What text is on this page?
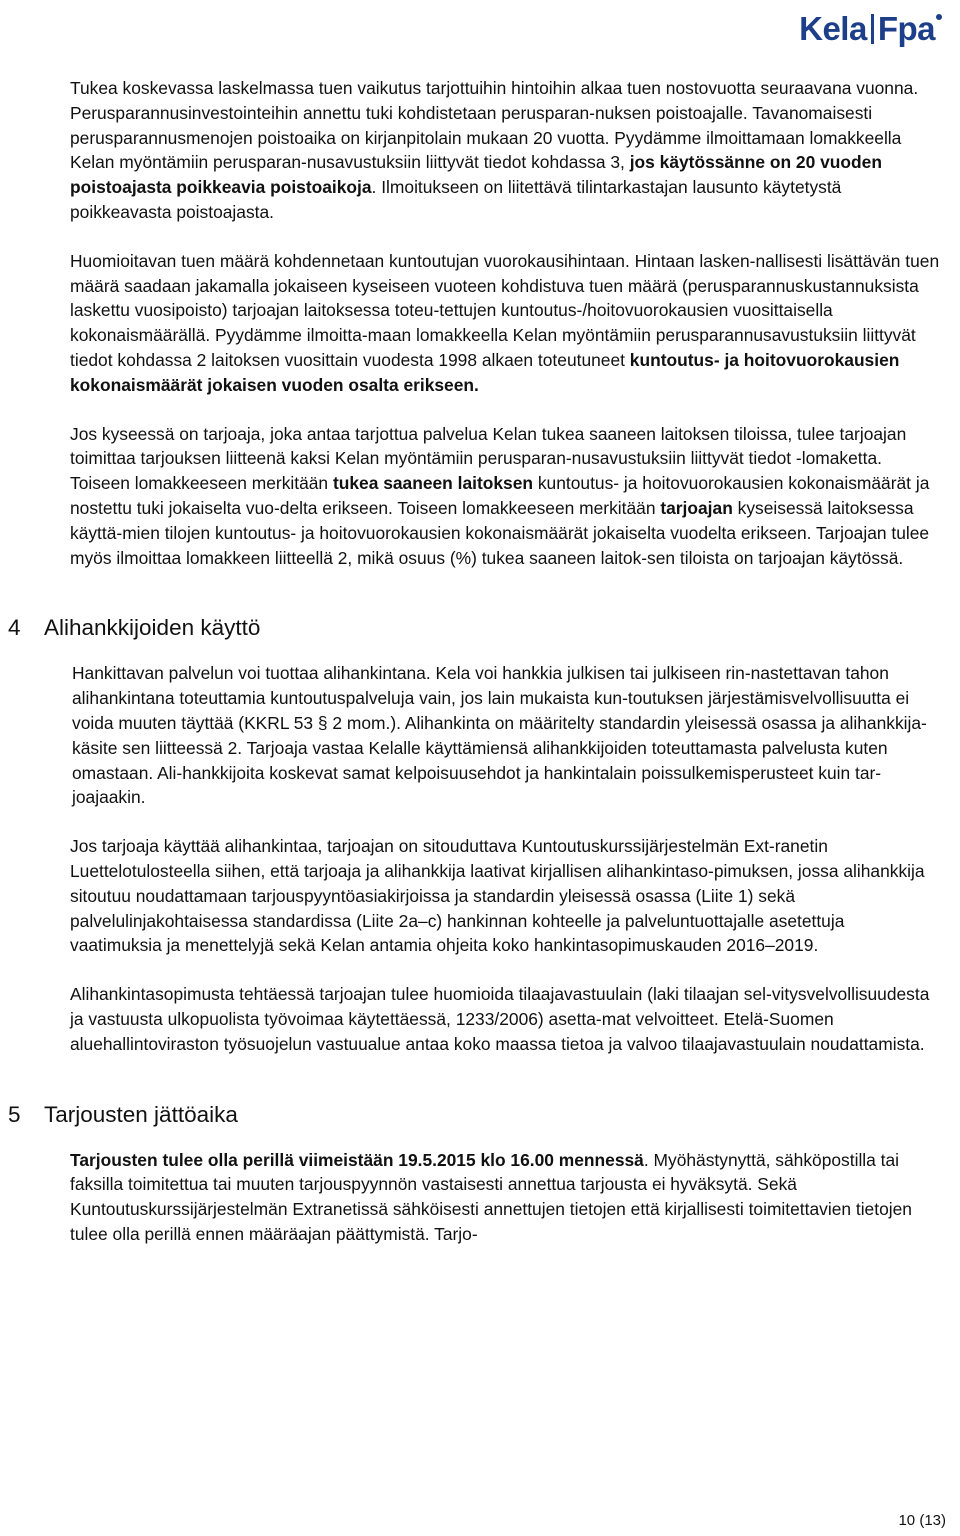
Kela Fpa

Tukea koskevassa laskelmassa tuen vaikutus tarjottuihin hintoihin alkaa tuen nostovuotta seuraavana vuonna. Perusparannusinvestointeihin annettu tuki kohdistetaan perusparan-nuksen poistoajalle. Tavanomaisesti perusparannusmenojen poistoaika on kirjanpitolain mukaan 20 vuotta. Pyydämme ilmoittamaan lomakkeella Kelan myöntämiin perusparan-nusavustuksiin liittyvät tiedot kohdassa 3, jos käytössänne on 20 vuoden poistoajasta poikkeavia poistoaikoja. Ilmoitukseen on liitettävä tilintarkastajan lausunto käytetystä poikkeavasta poistoajasta.

Huomioitavan tuen määrä kohdennetaan kuntoutujan vuorokausihintaan. Hintaan lasken-nallisesti lisättävän tuen määrä saadaan jakamalla jokaiseen kyseiseen vuoteen kohdistuva tuen määrä (perusparannuskustannuksista laskettu vuosipoisto) tarjoajan laitoksessa toteu-tettujen kuntoutus-/hoitovuorokausien vuosittaisella kokonaismäärällä. Pyydämme ilmoitta-maan lomakkeella Kelan myöntämiin perusparannusavustuksiin liittyvät tiedot kohdassa 2 laitoksen vuosittain vuodesta 1998 alkaen toteutuneet kuntoutus- ja hoitovuorokausien kokonaismäärät jokaisen vuoden osalta erikseen.

Jos kyseessä on tarjoaja, joka antaa tarjottua palvelua Kelan tukea saaneen laitoksen tiloissa, tulee tarjoajan toimittaa tarjouksen liitteenä kaksi Kelan myöntämiin perusparan-nusavustuksiin liittyvät tiedot -lomaketta. Toiseen lomakkeeseen merkitään tukea saaneen laitoksen kuntoutus- ja hoitovuorokausien kokonaismäärät ja nostettu tuki jokaiselta vuo-delta erikseen. Toiseen lomakkeeseen merkitään tarjoajan kyseisessä laitoksessa käyttä-mien tilojen kuntoutus- ja hoitovuorokausien kokonaismäärät jokaiselta vuodelta erikseen. Tarjoajan tulee myös ilmoittaa lomakkeen liitteellä 2, mikä osuus (%) tukea saaneen laitok-sen tiloista on tarjoajan käytössä.

4	Alihankkijoiden käyttö

Hankittavan palvelun voi tuottaa alihankintana. Kela voi hankkia julkisen tai julkiseen rin-nastettavan tahon alihankintana toteuttamia kuntoutuspalveluja vain, jos lain mukaista kun-toutuksen järjestämisvelvollisuutta ei voida muuten täyttää (KKRL 53 § 2 mom.). Alihankinta on määritelty standardin yleisessä osassa ja alihankkija-käsite sen liitteessä 2. Tarjoaja vastaa Kelalle käyttämiensä alihankkijoiden toteuttamasta palvelusta kuten omastaan. Ali-hankkijoita koskevat samat kelpoisuusehdot ja hankintalain poissulkemisperusteet kuin tar-joajaakin.

Jos tarjoaja käyttää alihankintaa, tarjoajan on sitouduttava Kuntoutuskurssijärjestelmän Ext-ranetin Luettelotulosteella siihen, että tarjoaja ja alihankkija laativat kirjallisen alihankintaso-pimuksen, jossa alihankkija sitoutuu noudattamaan tarjouspyyntöasiakirjoissa ja standardin yleisessä osassa (Liite 1) sekä palvelulinjakohtaisessa standardissa (Liite 2a–c) hankinnan kohteelle ja palveluntuottajalle asetettuja vaatimuksia ja menettelyjä sekä Kelan antamia ohjeita koko hankintasopimuskauden 2016–2019.

Alihankintasopimusta tehtäessä tarjoajan tulee huomioida tilaajavastuulain (laki tilaajan sel-vitysvelvollisuudesta ja vastuusta ulkopuolista työvoimaa käytettäessä, 1233/2006) asetta-mat velvoitteet. Etelä-Suomen aluehallintoviraston työsuojelun vastuualue antaa koko maassa tietoa ja valvoo tilaajavastuulain noudattamista.

5	Tarjousten jättöaika

Tarjousten tulee olla perillä viimeistään 19.5.2015 klo 16.00 mennessä. Myöhästynyttä, sähköpostilla tai faksilla toimitettua tai muuten tarjouspyynnön vastaisesti annettua tarjousta ei hyväksytä. Sekä Kuntoutuskurssijärjestelmän Extranetissä sähköisesti annettujen tietojen että kirjallisesti toimitettavien tietojen tulee olla perillä ennen määräajan päättymistä. Tarjo-

10 (13)
